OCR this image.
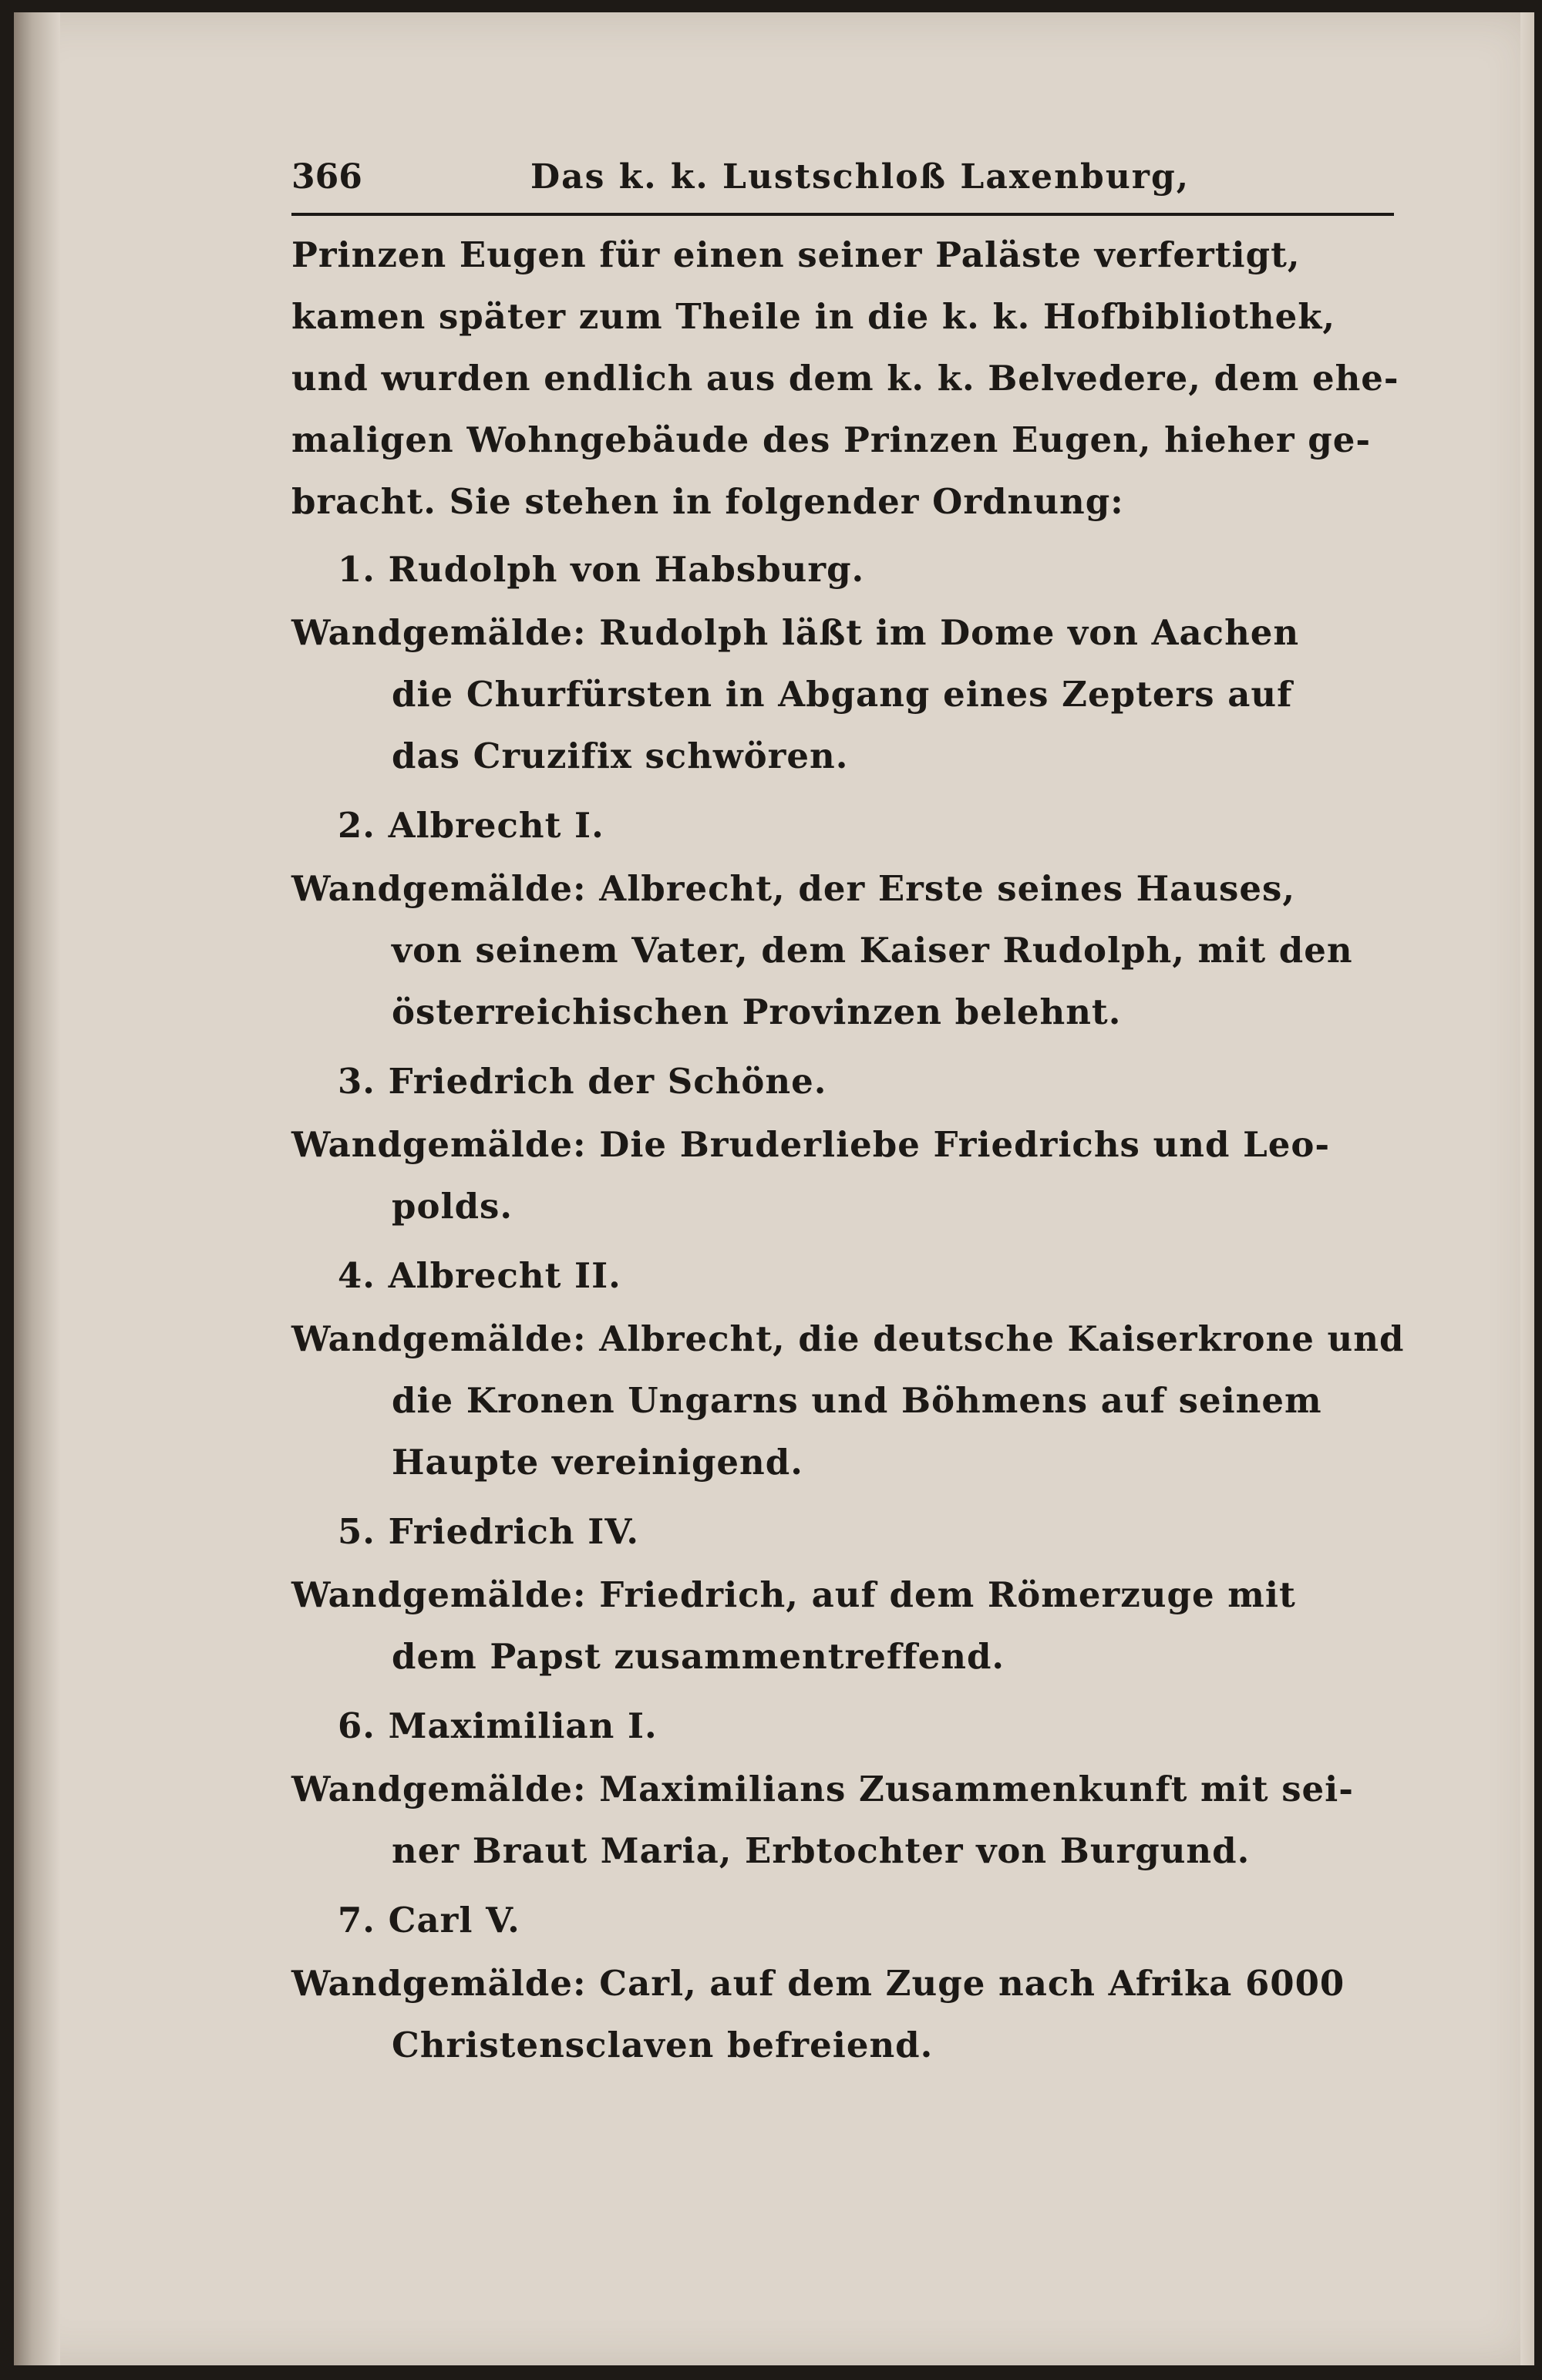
366	Das k. k. Lustschloß Laxenburg,
Prinzen Eugen für einen seiner Paläste verfertigt,
kamen später zum Theile in die k. k. Hofbibliothek,
und wurden endlich aus dem k. k. Belvedere, dem ehe-
maligen Wohngebäude des Prinzen Eugen, hieher ge-
bracht. Sie stehen in folgender Ordnung:
1. Rudolph von Habsburg.
Wandgemälde: Rudolph läßt im Dome von Aachen
die Churfürsten in Abgang eines Zepters auf
das Cruzifix schwören.
2. Albrecht I.
Wandgemälde: Albrecht, der Erste seines Hauses,
von seinem Vater, dem Kaiser Rudolph, mit den
österreichischen Provinzen belehnt.
3. Friedrich der Schöne.
Wandgemälde: Die Bruderliebe Friedrichs und Leo-
polds.
4. Albrecht II.
Wandgemälde: Albrecht, die deutsche Kaiserkrone und
die Kronen Ungarns und Böhmens auf seinem
Haupte vereinigend.
5. Friedrich IV.
Wandgemälde: Friedrich, auf dem Römerzuge mit
dem Papst zusammentreffend.
6. Maximilian I.
Wandgemälde: Maximilians Zusammenkunft mit sei-
ner Braut Maria, Erbtochter von Burgund.
7. Carl V.
Wandgemälde: Carl, auf dem Zuge nach Afrika 6000
Christensclaven befreiend.
